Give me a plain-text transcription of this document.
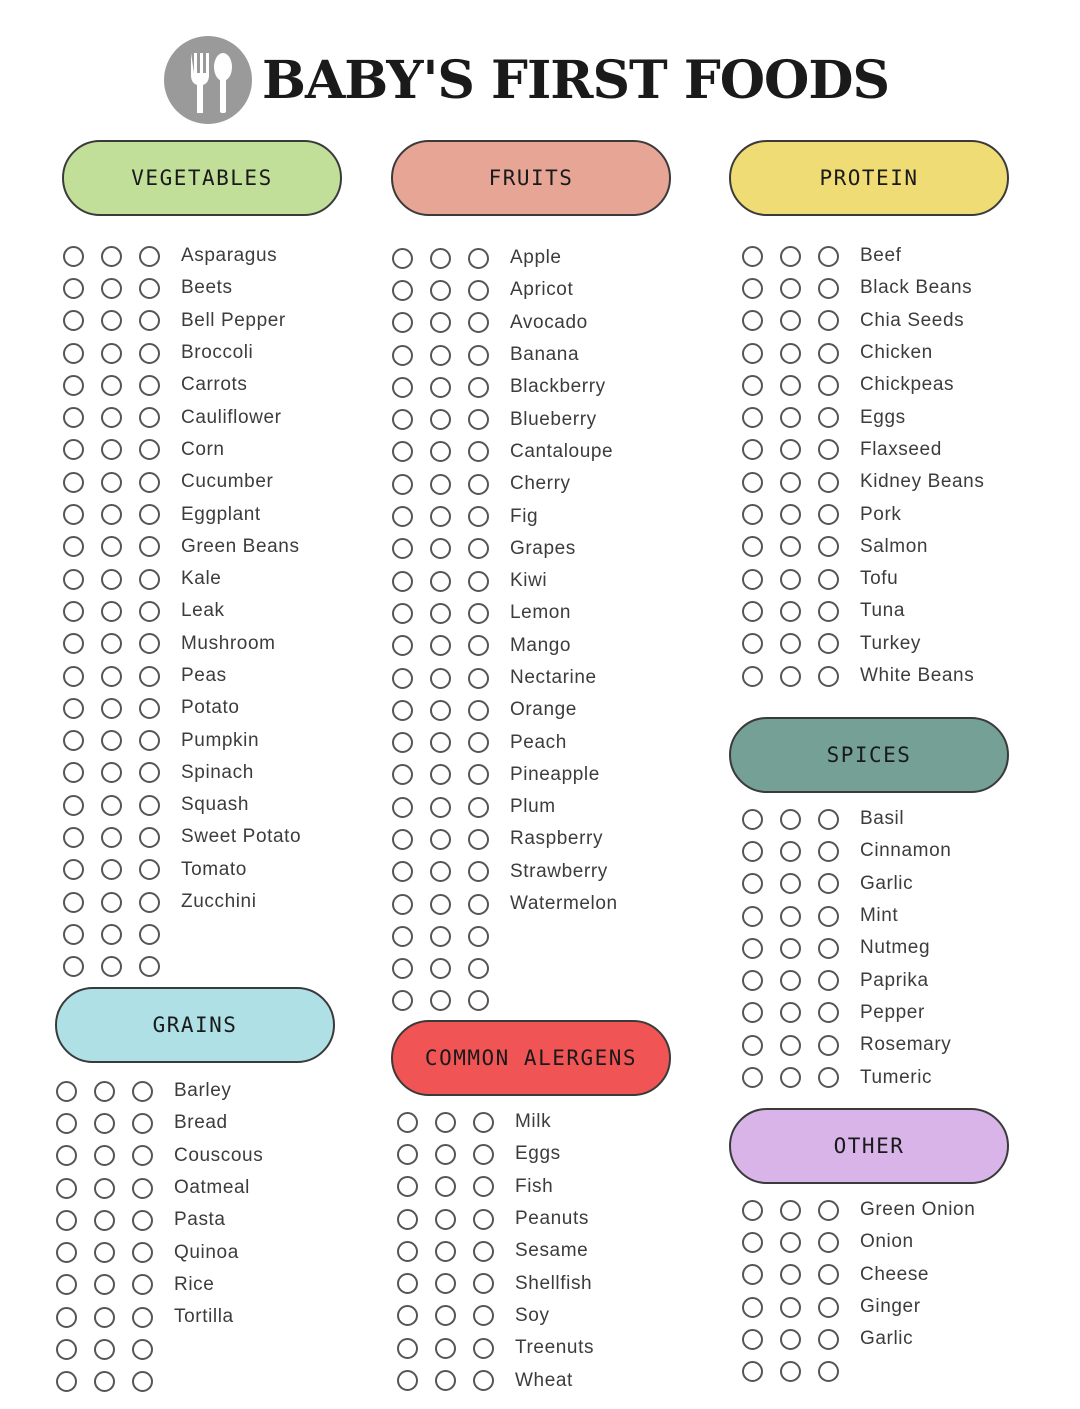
BABY'S FIRST FOODS
VEGETABLES
Asparagus
Beets
Bell Pepper
Broccoli
Carrots
Cauliflower
Corn
Cucumber
Eggplant
Green Beans
Kale
Leak
Mushroom
Peas
Potato
Pumpkin
Spinach
Squash
Sweet Potato
Tomato
Zucchini
FRUITS
Apple
Apricot
Avocado
Banana
Blackberry
Blueberry
Cantaloupe
Cherry
Fig
Grapes
Kiwi
Lemon
Mango
Nectarine
Orange
Peach
Pineapple
Plum
Raspberry
Strawberry
Watermelon
PROTEIN
Beef
Black Beans
Chia Seeds
Chicken
Chickpeas
Eggs
Flaxseed
Kidney Beans
Pork
Salmon
Tofu
Tuna
Turkey
White Beans
SPICES
Basil
Cinnamon
Garlic
Mint
Nutmeg
Paprika
Pepper
Rosemary
Tumeric
GRAINS
Barley
Bread
Couscous
Oatmeal
Pasta
Quinoa
Rice
Tortilla
COMMON ALERGENS
Milk
Eggs
Fish
Peanuts
Sesame
Shellfish
Soy
Treenuts
Wheat
OTHER
Green Onion
Onion
Cheese
Ginger
Garlic
